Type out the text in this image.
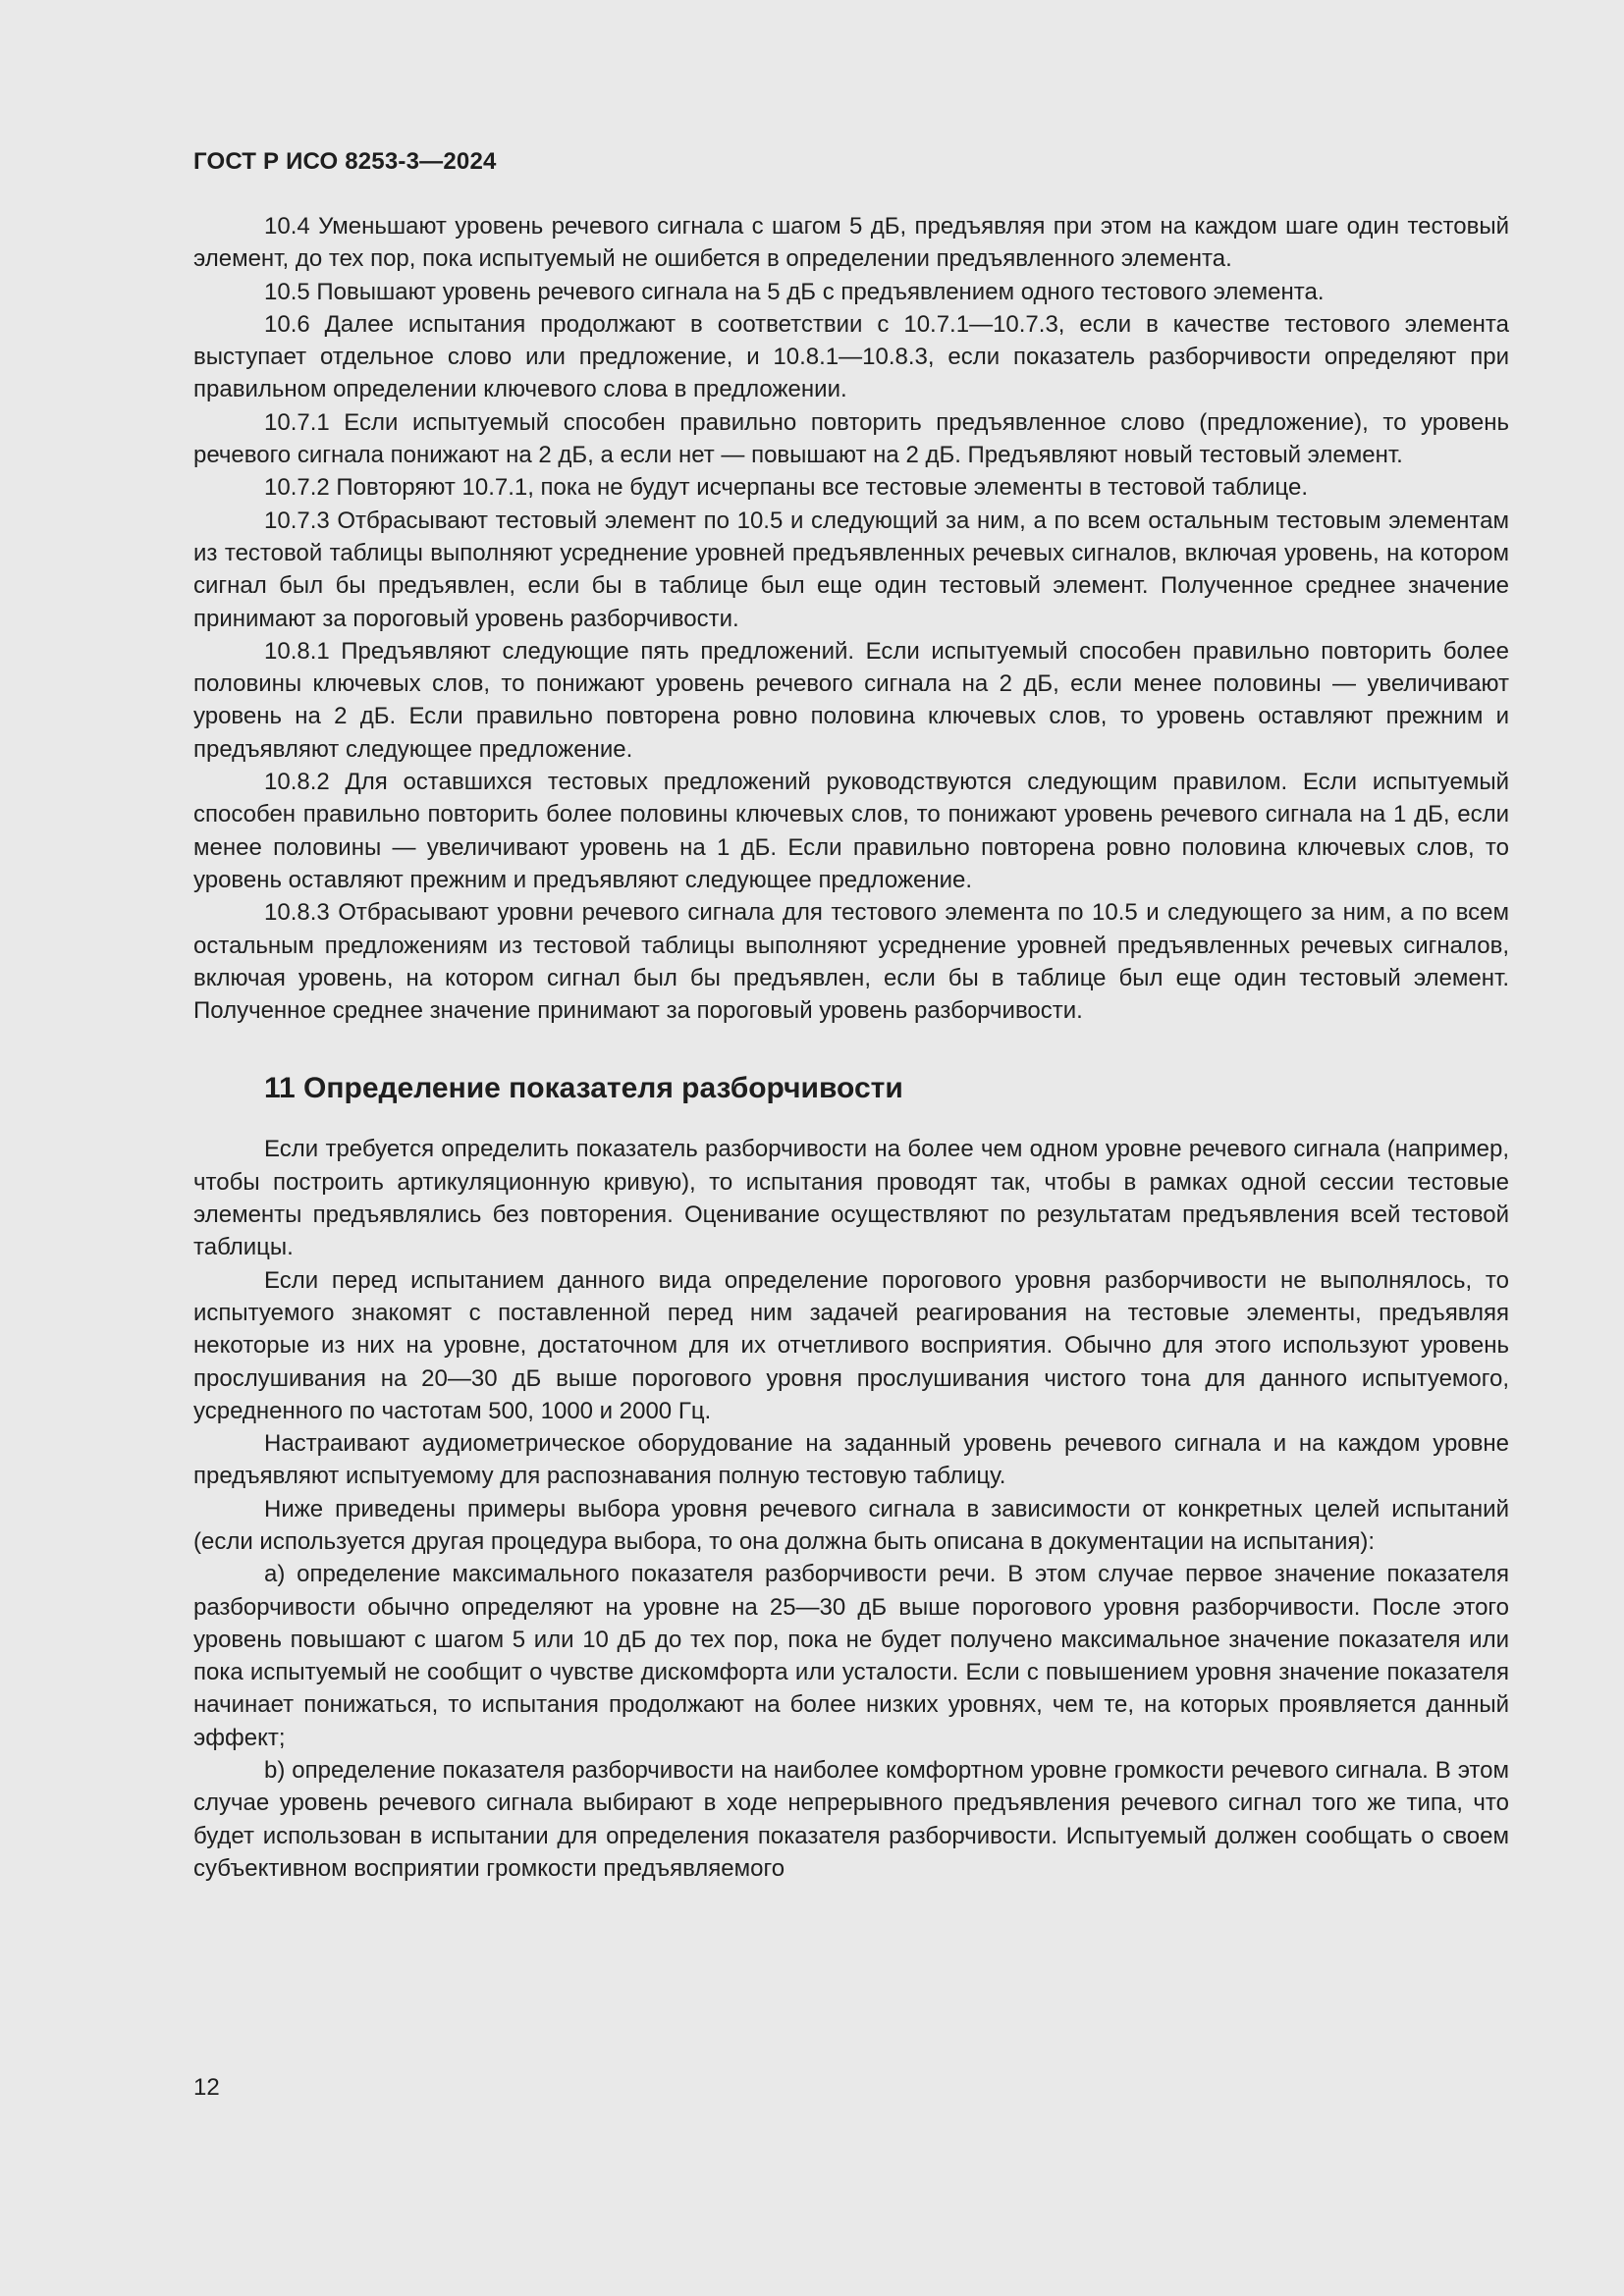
ГОСТ Р ИСО 8253-3—2024

10.4 Уменьшают уровень речевого сигнала с шагом 5 дБ, предъявляя при этом на каждом шаге один тестовый элемент, до тех пор, пока испытуемый не ошибется в определении предъявленного элемента.

10.5 Повышают уровень речевого сигнала на 5 дБ с предъявлением одного тестового элемента.

10.6 Далее испытания продолжают в соответствии с 10.7.1—10.7.3, если в качестве тестового элемента выступает отдельное слово или предложение, и 10.8.1—10.8.3, если показатель разборчивости определяют при правильном определении ключевого слова в предложении.

10.7.1 Если испытуемый способен правильно повторить предъявленное слово (предложение), то уровень речевого сигнала понижают на 2 дБ, а если нет — повышают на 2 дБ. Предъявляют новый тестовый элемент.

10.7.2 Повторяют 10.7.1, пока не будут исчерпаны все тестовые элементы в тестовой таблице.

10.7.3 Отбрасывают тестовый элемент по 10.5 и следующий за ним, а по всем остальным тестовым элементам из тестовой таблицы выполняют усреднение уровней предъявленных речевых сигналов, включая уровень, на котором сигнал был бы предъявлен, если бы в таблице был еще один тестовый элемент. Полученное среднее значение принимают за пороговый уровень разборчивости.

10.8.1 Предъявляют следующие пять предложений. Если испытуемый способен правильно повторить более половины ключевых слов, то понижают уровень речевого сигнала на 2 дБ, если менее половины — увеличивают уровень на 2 дБ. Если правильно повторена ровно половина ключевых слов, то уровень оставляют прежним и предъявляют следующее предложение.

10.8.2 Для оставшихся тестовых предложений руководствуются следующим правилом. Если испытуемый способен правильно повторить более половины ключевых слов, то понижают уровень речевого сигнала на 1 дБ, если менее половины — увеличивают уровень на 1 дБ. Если правильно повторена ровно половина ключевых слов, то уровень оставляют прежним и предъявляют следующее предложение.

10.8.3 Отбрасывают уровни речевого сигнала для тестового элемента по 10.5 и следующего за ним, а по всем остальным предложениям из тестовой таблицы выполняют усреднение уровней предъявленных речевых сигналов, включая уровень, на котором сигнал был бы предъявлен, если бы в таблице был еще один тестовый элемент. Полученное среднее значение принимают за пороговый уровень разборчивости.

11 Определение показателя разборчивости

Если требуется определить показатель разборчивости на более чем одном уровне речевого сигнала (например, чтобы построить артикуляционную кривую), то испытания проводят так, чтобы в рамках одной сессии тестовые элементы предъявлялись без повторения. Оценивание осуществляют по результатам предъявления всей тестовой таблицы.

Если перед испытанием данного вида определение порогового уровня разборчивости не выполнялось, то испытуемого знакомят с поставленной перед ним задачей реагирования на тестовые элементы, предъявляя некоторые из них на уровне, достаточном для их отчетливого восприятия. Обычно для этого используют уровень прослушивания на 20—30 дБ выше порогового уровня прослушивания чистого тона для данного испытуемого, усредненного по частотам 500, 1000 и 2000 Гц.

Настраивают аудиометрическое оборудование на заданный уровень речевого сигнала и на каждом уровне предъявляют испытуемому для распознавания полную тестовую таблицу.

Ниже приведены примеры выбора уровня речевого сигнала в зависимости от конкретных целей испытаний (если используется другая процедура выбора, то она должна быть описана в документации на испытания):

a) определение максимального показателя разборчивости речи. В этом случае первое значение показателя разборчивости обычно определяют на уровне на 25—30 дБ выше порогового уровня разборчивости. После этого уровень повышают с шагом 5 или 10 дБ до тех пор, пока не будет получено максимальное значение показателя или пока испытуемый не сообщит о чувстве дискомфорта или усталости. Если с повышением уровня значение показателя начинает понижаться, то испытания продолжают на более низких уровнях, чем те, на которых проявляется данный эффект;

b) определение показателя разборчивости на наиболее комфортном уровне громкости речевого сигнала. В этом случае уровень речевого сигнала выбирают в ходе непрерывного предъявления речевого сигнал того же типа, что будет использован в испытании для определения показателя разборчивости. Испытуемый должен сообщать о своем субъективном восприятии громкости предъявляемого

12
